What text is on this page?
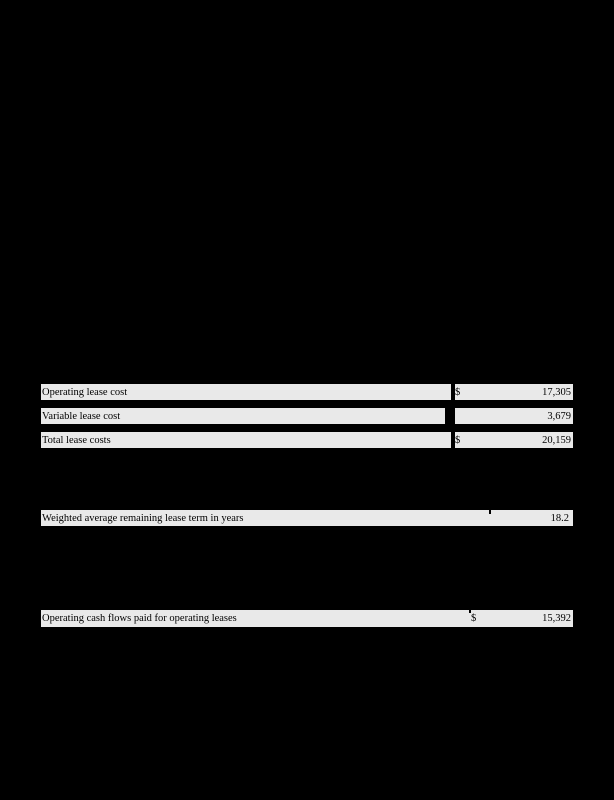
Operating lease cost	$	17,305
Variable lease cost	3,679
Total lease costs	$	20,159
Weighted average remaining lease term in years	18.2
Operating cash flows paid for operating leases	$	15,392
